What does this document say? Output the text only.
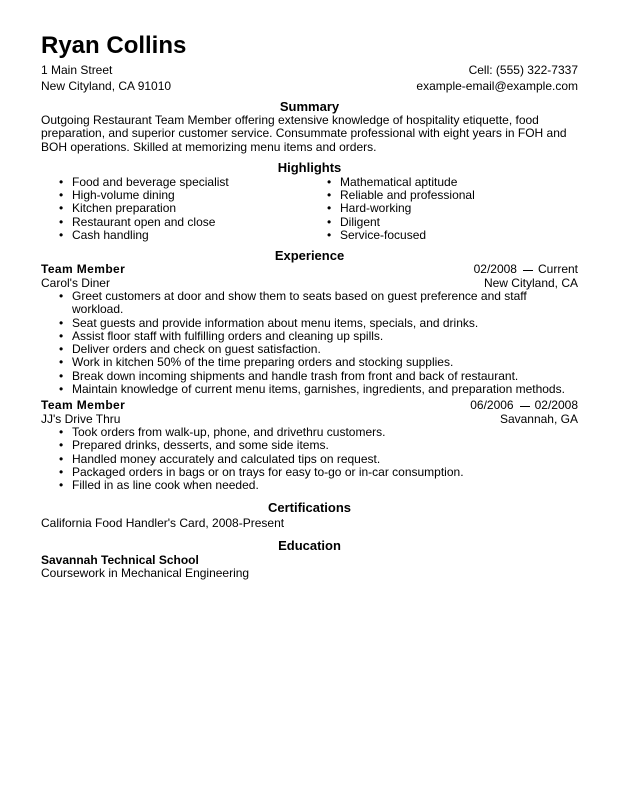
Ryan Collins
1 Main Street	Cell: (555) 322-7337
New Cityland, CA 91010	example-email@example.com
Summary

Outgoing Restaurant Team Member offering extensive knowledge of hospitality etiquette, food preparation, and superior customer service. Consummate professional with eight years in FOH and BOH operations. Skilled at memorizing menu items and orders.

Highlights
• Food and beverage specialist
• High-volume dining
• Kitchen preparation
• Restaurant open and close
• Cash handling
• Mathematical aptitude
• Reliable and professional
• Hard-working
• Diligent
• Service-focused
Experience
Team Member	02/2008 Current
Carol's Diner	New Cityland, CA
• Greet customers at door and show them to seats based on guest preference and staff workload.
• Seat guests and provide information about menu items, specials, and drinks.
• Assist floor staff with fulfilling orders and cleaning up spills.
• Deliver orders and check on guest satisfaction.
• Work in kitchen 50% of the time preparing orders and stocking supplies.
• Break down incoming shipments and handle trash from front and back of restaurant.
• Maintain knowledge of current menu items, garnishes, ingredients, and preparation methods.
Team Member	06/2006 02/2008
JJ's Drive Thru	Savannah, GA
• Took orders from walk-up, phone, and drivethru customers.
• Prepared drinks, desserts, and some side items.
• Handled money accurately and calculated tips on request.
• Packaged orders in bags or on trays for easy to-go or in-car consumption.
• Filled in as line cook when needed.
Certifications
California Food Handler's Card, 2008-Present
Education
Savannah Technical School
Coursework in Mechanical Engineering
